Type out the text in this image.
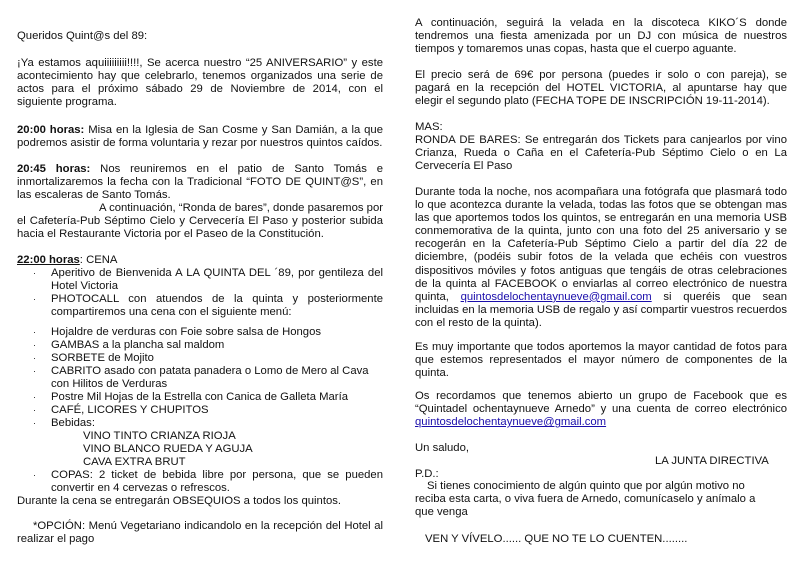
Queridos Quint@s del 89:

¡Ya estamos aquiiiiiiiii!!!!, Se acerca nuestro “25 ANIVERSARIO” y este acontecimiento hay que celebrarlo, tenemos organizados una serie de actos para el próximo sábado 29 de Noviembre de 2014, con el siguiente programa.

20:00 horas: Misa en la Iglesia de San Cosme y San Damián, a la que podremos asistir de forma voluntaria y rezar por nuestros quintos caídos.

20:45 horas: Nos reuniremos en el patio de Santo Tomás e inmortalizaremos la fecha con la Tradicional “FOTO DE QUINT@S”, en las escaleras de Santo Tomás.

A continuación, “Ronda de bares”, donde pasaremos por el Cafetería-Pub Séptimo Cielo y Cervecería El Paso y posterior subida hacia el Restaurante Victoria por el Paseo de la Constitución.

22:00 horas: CENA

·	Aperitivo de Bienvenida A LA QUINTA DEL ´89, por gentileza del Hotel Victoria
·	PHOTOCALL con atuendos de la quinta y posteriormente compartiremos una cena con el siguiente menú:
·	Hojaldre de verduras con Foie sobre salsa de Hongos
·	GAMBAS a la plancha sal maldom
·	SORBETE de Mojito
·	CABRITO asado con patata panadera o Lomo de Mero al Cava con Hilitos de Verduras
·	Postre Mil Hojas de la Estrella con Canica de Galleta María
·	CAFÉ, LICORES Y CHUPITOS
·	Bebidas:

VINO TINTO CRIANZA RIOJA

VINO BLANCO RUEDA Y AGUJA

CAVA EXTRA BRUT

·	COPAS: 2 ticket de bebida libre por persona, que se pueden convertir en 4 cervezas o refrescos.

Durante la cena se entregarán OBSEQUIOS a todos los quintos.

*OPCIÓN: Menú Vegetariano indicandolo en la recepción del Hotel al realizar el pago

A continuación, seguirá la velada en la discoteca KIKO´S donde tendremos una fiesta amenizada por un DJ con música de nuestros tiempos y tomaremos unas copas, hasta que el cuerpo aguante.

El precio será de 69€ por persona (puedes ir solo o con pareja), se pagará en la recepción del HOTEL VICTORIA, al apuntarse hay que elegir el segundo plato (FECHA TOPE DE INSCRIPCIÓN 19-11-2014).

MAS:

RONDA DE BARES: Se entregarán dos Tickets para canjearlos por vino Crianza, Rueda o Caña en el Cafetería-Pub Séptimo Cielo o en La Cervecería El Paso

Durante toda la noche, nos acompañara una fotógrafa que plasmará todo lo que acontezca durante la velada, todas las fotos que se obtengan mas las que aportemos todos los quintos, se entregarán en una memoria USB conmemorativa de la quinta, junto con una foto del 25 aniversario y se recogerán en la Cafetería-Pub Séptimo Cielo a partir del día 22 de diciembre, (podéis subir fotos de la velada que echéis con vuestros dispositivos móviles y fotos antiguas que tengáis de otras celebraciones de la quinta al FACEBOOK o enviarlas al correo electrónico de nuestra quinta, quintosdelochentaynueve@gmail.com si queréis que sean incluidas en la memoria USB de regalo y así compartir vuestros recuerdos con el resto de la quinta).

Es muy importante que todos aportemos la mayor cantidad de fotos para que estemos representados el mayor número de componentes de la quinta.

Os recordamos que tenemos abierto un grupo de Facebook que es “Quintadel ochentaynueve Arnedo” y una cuenta de correo electrónico quintosdelochentaynueve@gmail.com

Un saludo,

LA JUNTA DIRECTIVA

P.D.:

Si tienes conocimiento de algún quinto que por algún motivo no reciba esta carta, o viva fuera de Arnedo, comunícaselo y anímalo a que venga

VEN Y VÍVELO...... QUE NO TE LO CUENTEN........
